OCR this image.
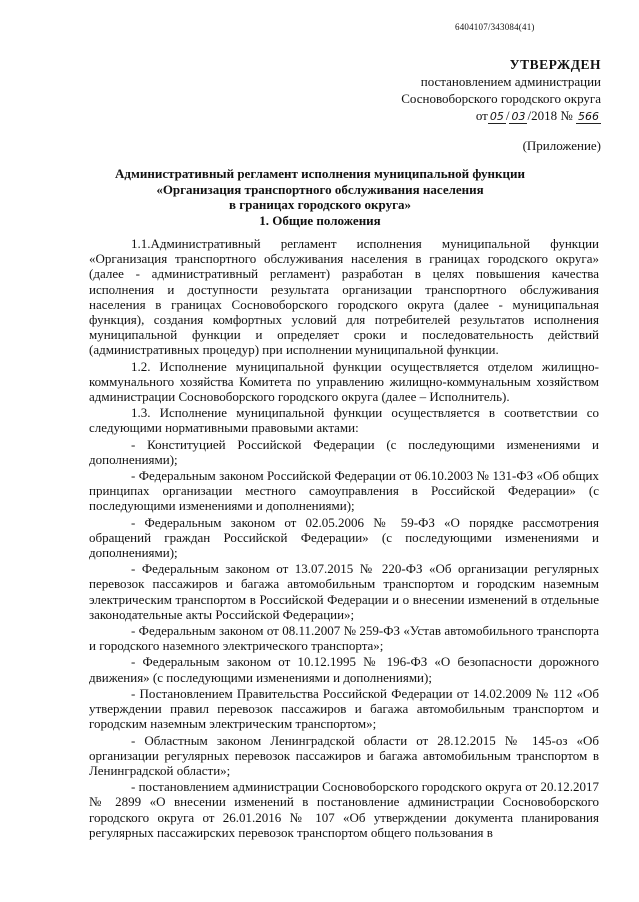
6404107/343084(41)
УТВЕРЖДЕН
постановлением администрации
Сосновоборского городского округа
от 05 / 03 /2018 № 566
(Приложение)
Административный регламент исполнения муниципальной функции
«Организация транспортного обслуживания населения
в границах городского округа»
1. Общие положения

1.1.Административный регламент исполнения муниципальной функции «Организация транспортного обслуживания населения в границах городского округа» (далее - административный регламент) разработан в целях повышения качества исполнения и доступности результата организации транспортного обслуживания населения в границах Сосновоборского городского округа (далее - муниципальная функция), создания комфортных условий для потребителей результатов исполнения муниципальной функции и определяет сроки и последовательность действий (административных процедур) при исполнении муниципальной функции.

1.2. Исполнение муниципальной функции осуществляется отделом жилищно-коммунального хозяйства Комитета по управлению жилищно-коммунальным хозяйством администрации Сосновоборского городского округа (далее – Исполнитель).

1.3. Исполнение муниципальной функции осуществляется в соответствии со следующими нормативными правовыми актами:

- Конституцией Российской Федерации (с последующими изменениями и дополнениями);

- Федеральным законом Российской Федерации от 06.10.2003 № 131-ФЗ «Об общих принципах организации местного самоуправления в Российской Федерации» (с последующими изменениями и дополнениями);

- Федеральным законом от 02.05.2006 № 59-ФЗ «О порядке рассмотрения обращений граждан Российской Федерации» (с последующими изменениями и дополнениями);

- Федеральным законом от 13.07.2015 № 220-ФЗ «Об организации регулярных перевозок пассажиров и багажа автомобильным транспортом и городским наземным электрическим транспортом в Российской Федерации и о внесении изменений в отдельные законодательные акты Российской Федерации»;

- Федеральным законом от 08.11.2007 № 259-ФЗ «Устав автомобильного транспорта и городского наземного электрического транспорта»;

- Федеральным законом от 10.12.1995 № 196-ФЗ «О безопасности дорожного движения» (с последующими изменениями и дополнениями);

- Постановлением Правительства Российской Федерации от 14.02.2009 № 112 «Об утверждении правил перевозок пассажиров и багажа автомобильным транспортом и городским наземным электрическим транспортом»;

- Областным законом Ленинградской области от 28.12.2015 № 145-оз «Об организации регулярных перевозок пассажиров и багажа автомобильным транспортом в Ленинградской области»;

- постановлением администрации Сосновоборского городского округа от 20.12.2017 № 2899 «О внесении изменений в постановление администрации Сосновоборского городского округа от 26.01.2016 № 107 «Об утверждении документа планирования регулярных пассажирских перевозок транспортом общего пользования в
